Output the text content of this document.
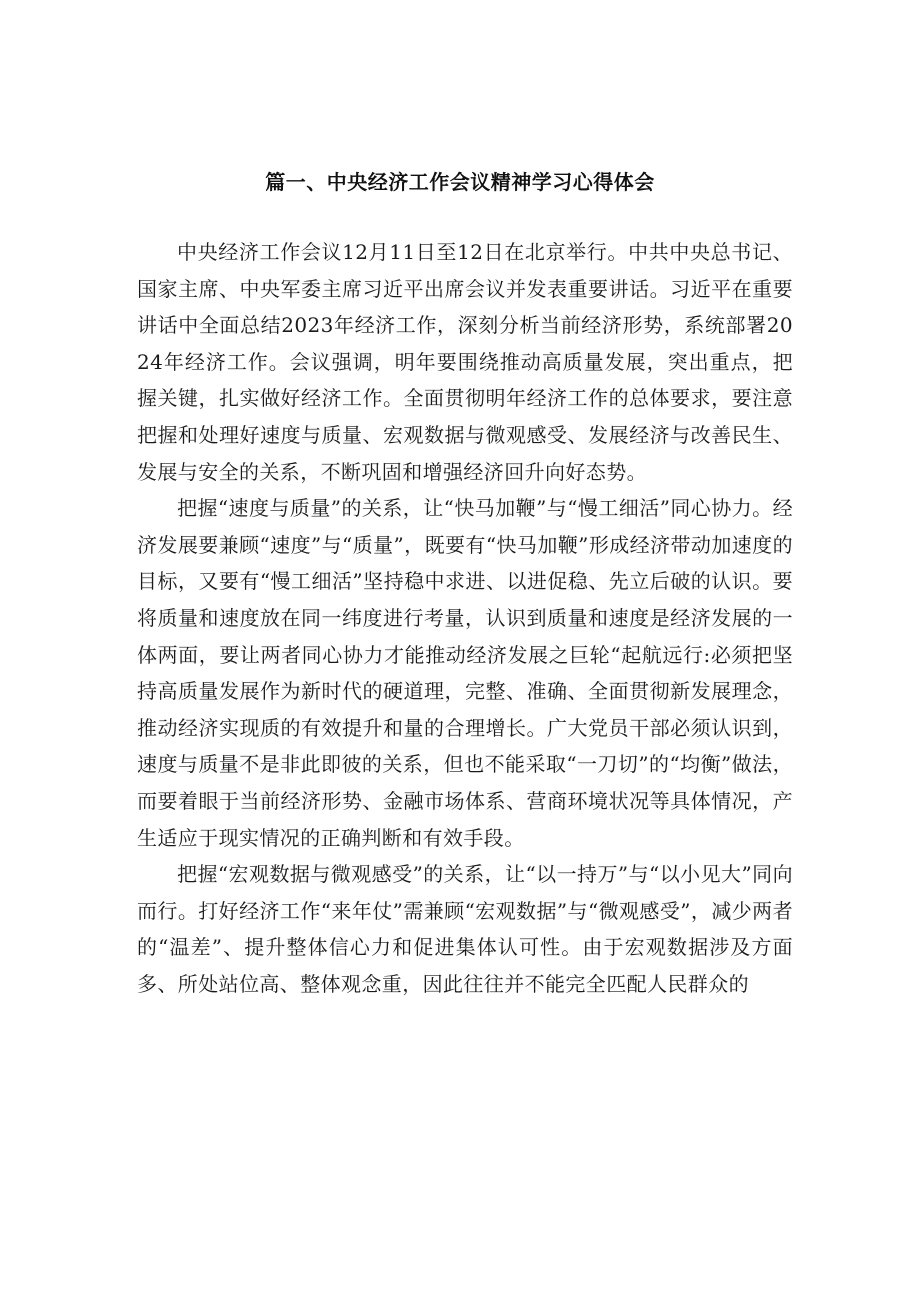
篇一、中央经济工作会议精神学习心得体会

中央经济工作会议12月11日至12日在北京举行。中共中央总书记、国家主席、中央军委主席习近平出席会议并发表重要讲话。习近平在重要讲话中全面总结2023年经济工作，深刻分析当前经济形势，系统部署2024年经济工作。会议强调，明年要围绕推动高质量发展，突出重点，把握关键，扎实做好经济工作。全面贯彻明年经济工作的总体要求，要注意把握和处理好速度与质量、宏观数据与微观感受、发展经济与改善民生、发展与安全的关系，不断巩固和增强经济回升向好态势。

把握“速度与质量”的关系，让“快马加鞭”与“慢工细活”同心协力。经济发展要兼顾“速度”与“质量”，既要有“快马加鞭”形成经济带动加速度的目标，又要有“慢工细活”坚持稳中求进、以进促稳、先立后破的认识。要将质量和速度放在同一纬度进行考量，认识到质量和速度是经济发展的一体两面，要让两者同心协力才能推动经济发展之巨轮“起航远行:必须把坚持高质量发展作为新时代的硬道理，完整、准确、全面贯彻新发展理念，推动经济实现质的有效提升和量的合理增长。广大党员干部必须认识到，速度与质量不是非此即彼的关系，但也不能采取“一刀切”的“均衡”做法，而要着眼于当前经济形势、金融市场体系、营商环境状况等具体情况，产生适应于现实情况的正确判断和有效手段。

把握“宏观数据与微观感受”的关系，让“以一持万”与“以小见大”同向而行。打好经济工作“来年仗”需兼顾“宏观数据”与“微观感受”，减少两者的“温差”、提升整体信心力和促进集体认可性。由于宏观数据涉及方面多、所处站位高、整体观念重，因此往往并不能完全匹配人民群众的
